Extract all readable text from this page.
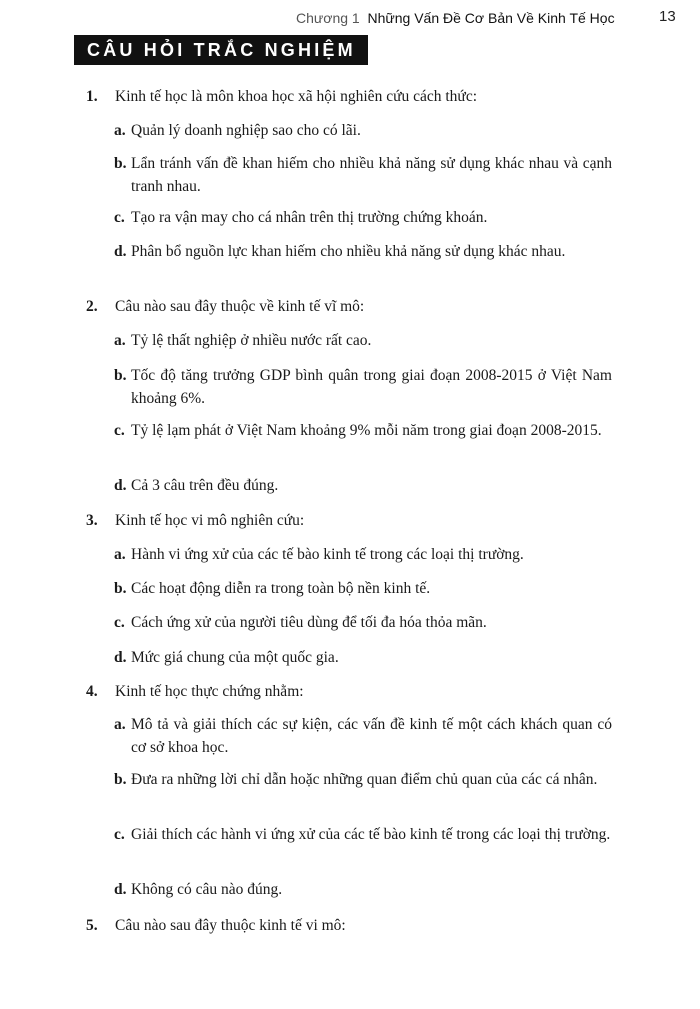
Chương 1 Những Vấn Đề Cơ Bản Về Kinh Tế Học	13
CÂU HỎI TRẮC NGHIỆM
1. Kinh tế học là môn khoa học xã hội nghiên cứu cách thức:
a. Quản lý doanh nghiệp sao cho có lãi.
b. Lẩn tránh vấn đề khan hiếm cho nhiều khả năng sử dụng khác nhau và cạnh tranh nhau.
c. Tạo ra vận may cho cá nhân trên thị trường chứng khoán.
d. Phân bổ nguồn lực khan hiếm cho nhiều khả năng sử dụng khác nhau.
2. Câu nào sau đây thuộc về kinh tế vĩ mô:
a. Tỷ lệ thất nghiệp ở nhiều nước rất cao.
b. Tốc độ tăng trưởng GDP bình quân trong giai đoạn 2008-2015 ở Việt Nam khoảng 6%.
c. Tỷ lệ lạm phát ở Việt Nam khoảng 9% mỗi năm trong giai đoạn 2008-2015.
d. Cả 3 câu trên đều đúng.
3. Kinh tế học vi mô nghiên cứu:
a. Hành vi ứng xử của các tế bào kinh tế trong các loại thị trường.
b. Các hoạt động diễn ra trong toàn bộ nền kinh tế.
c. Cách ứng xử của người tiêu dùng để tối đa hóa thỏa mãn.
d. Mức giá chung của một quốc gia.
4. Kinh tế học thực chứng nhằm:
a. Mô tả và giải thích các sự kiện, các vấn đề kinh tế một cách khách quan có cơ sở khoa học.
b. Đưa ra những lời chỉ dẫn hoặc những quan điểm chủ quan của các cá nhân.
c. Giải thích các hành vi ứng xử của các tế bào kinh tế trong các loại thị trường.
d. Không có câu nào đúng.
5. Câu nào sau đây thuộc kinh tế vi mô:
